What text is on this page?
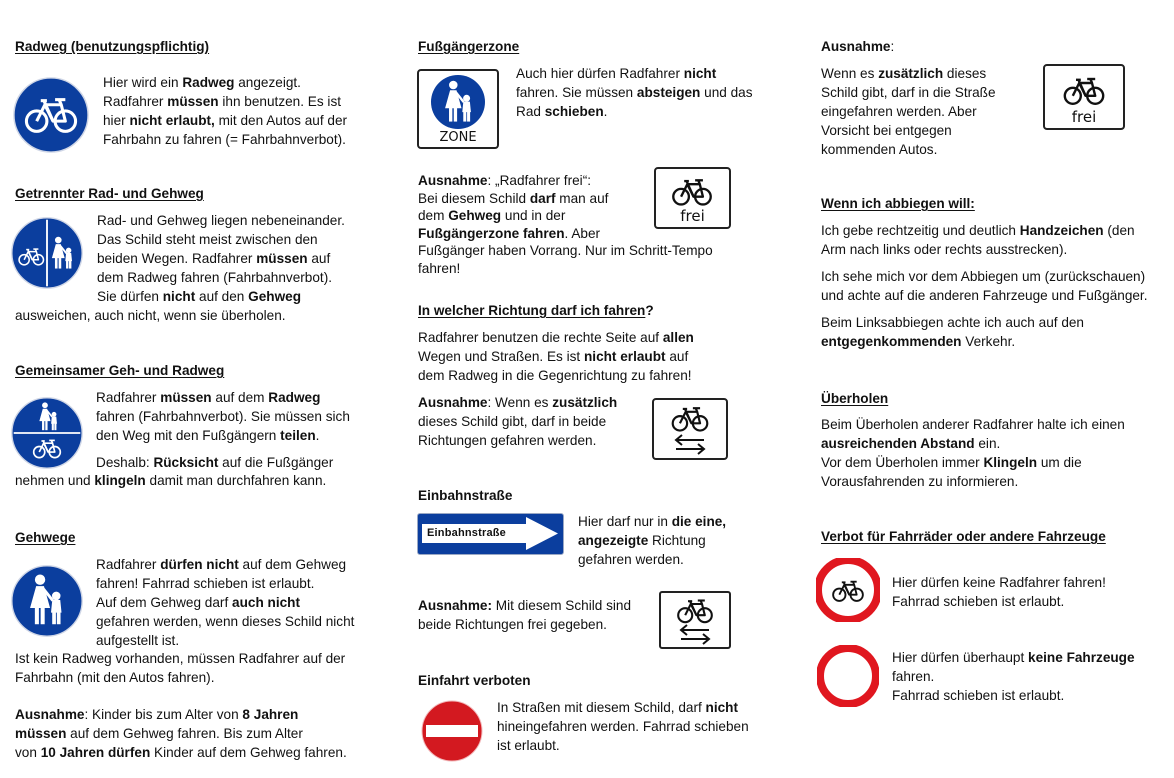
Radweg (benutzungspflichtig)
Hier wird ein Radweg angezeigt.
Radfahrer müssen ihn benutzen. Es ist
hier nicht erlaubt, mit den Autos auf der
Fahrbahn zu fahren (= Fahrbahnverbot).
Getrennter Rad- und Gehweg
Rad- und Gehweg liegen nebeneinander.
Das Schild steht meist zwischen den
beiden Wegen. Radfahrer müssen auf
dem Radweg fahren (Fahrbahnverbot).
Sie dürfen nicht auf den Gehweg
ausweichen, auch nicht, wenn sie überholen.
Gemeinsamer Geh- und Radweg
Radfahrer müssen auf dem Radweg
fahren (Fahrbahnverbot). Sie müssen sich
den Weg mit den Fußgängern teilen.
Deshalb: Rücksicht auf die Fußgänger
nehmen und klingeln damit man durchfahren kann.
Gehwege
Radfahrer dürfen nicht auf dem Gehweg
fahren! Fahrrad schieben ist erlaubt.
Auf dem Gehweg darf auch nicht
gefahren werden, wenn dieses Schild nicht
aufgestellt ist.
Ist kein Radweg vorhanden, müssen Radfahrer auf der
Fahrbahn (mit den Autos fahren).
Ausnahme: Kinder bis zum Alter von 8 Jahren
müssen auf dem Gehweg fahren. Bis zum Alter
von 10 Jahren dürfen Kinder auf dem Gehweg fahren.
Fußgängerzone
ZONE
Auch hier dürfen Radfahrer nicht
fahren. Sie müssen absteigen und das
Rad schieben.
Ausnahme: „Radfahrer frei“:
Bei diesem Schild darf man auf
dem Gehweg und in der
Fußgängerzone fahren. Aber
Fußgänger haben Vorrang. Nur im Schritt-Tempo
fahren!
frei
In welcher Richtung darf ich fahren?
Radfahrer benutzen die rechte Seite auf allen
Wegen und Straßen. Es ist nicht erlaubt auf
dem Radweg in die Gegenrichtung zu fahren!
Ausnahme: Wenn es zusätzlich
dieses Schild gibt, darf in beide
Richtungen gefahren werden.
Einbahnstraße
Einbahnstraße
Hier darf nur in die eine,
angezeigte Richtung
gefahren werden.
Ausnahme: Mit diesem Schild sind
beide Richtungen frei gegeben.
Einfahrt verboten
In Straßen mit diesem Schild, darf nicht
hineingefahren werden. Fahrrad schieben
ist erlaubt.
Ausnahme:
Wenn es zusätzlich dieses
Schild gibt, darf in die Straße
eingefahren werden. Aber
Vorsicht bei entgegen
kommenden Autos.
frei
Wenn ich abbiegen will:
Ich gebe rechtzeitig und deutlich Handzeichen (den
Arm nach links oder rechts ausstrecken).
Ich sehe mich vor dem Abbiegen um (zurückschauen)
und achte auf die anderen Fahrzeuge und Fußgänger.
Beim Linksabbiegen achte ich auch auf den
entgegenkommenden Verkehr.
Überholen
Beim Überholen anderer Radfahrer halte ich einen
ausreichenden Abstand ein.
Vor dem Überholen immer Klingeln um die
Vorausfahrenden zu informieren.
Verbot für Fahrräder oder andere Fahrzeuge
Hier dürfen keine Radfahrer fahren!
Fahrrad schieben ist erlaubt.
Hier dürfen überhaupt keine Fahrzeuge
fahren.
Fahrrad schieben ist erlaubt.
